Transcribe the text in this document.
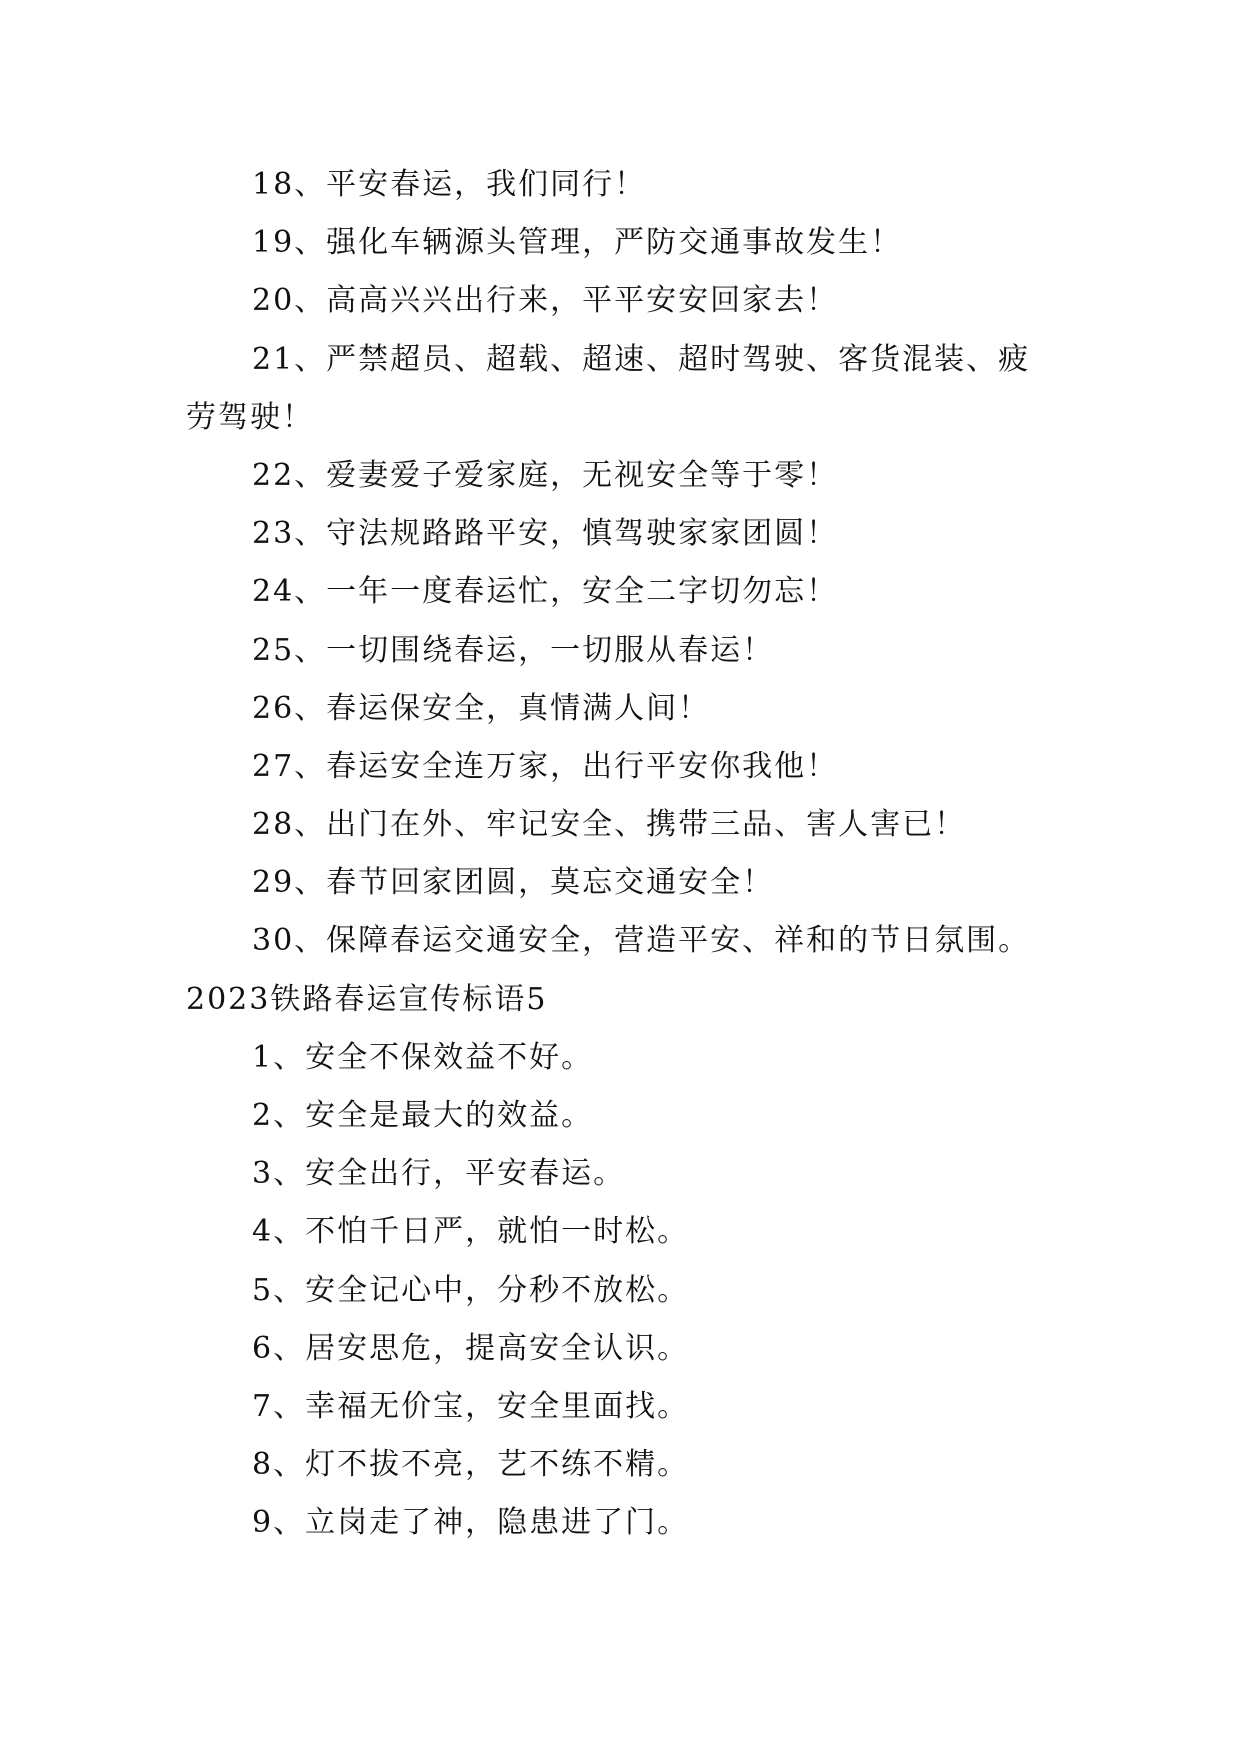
18、平安春运，我们同行！
19、强化车辆源头管理，严防交通事故发生！
20、高高兴兴出行来，平平安安回家去！
21、严禁超员、超载、超速、超时驾驶、客货混装、疲
劳驾驶！
22、爱妻爱子爱家庭，无视安全等于零！
23、守法规路路平安，慎驾驶家家团圆！
24、一年一度春运忙，安全二字切勿忘！
25、一切围绕春运，一切服从春运！
26、春运保安全，真情满人间！
27、春运安全连万家，出行平安你我他！
28、出门在外、牢记安全、携带三品、害人害已！
29、春节回家团圆，莫忘交通安全！
30、保障春运交通安全，营造平安、祥和的节日氛围。
2023铁路春运宣传标语5
1、安全不保效益不好。
2、安全是最大的效益。
3、安全出行，平安春运。
4、不怕千日严，就怕一时松。
5、安全记心中，分秒不放松。
6、居安思危，提高安全认识。
7、幸福无价宝，安全里面找。
8、灯不拔不亮，艺不练不精。
9、立岗走了神，隐患进了门。
